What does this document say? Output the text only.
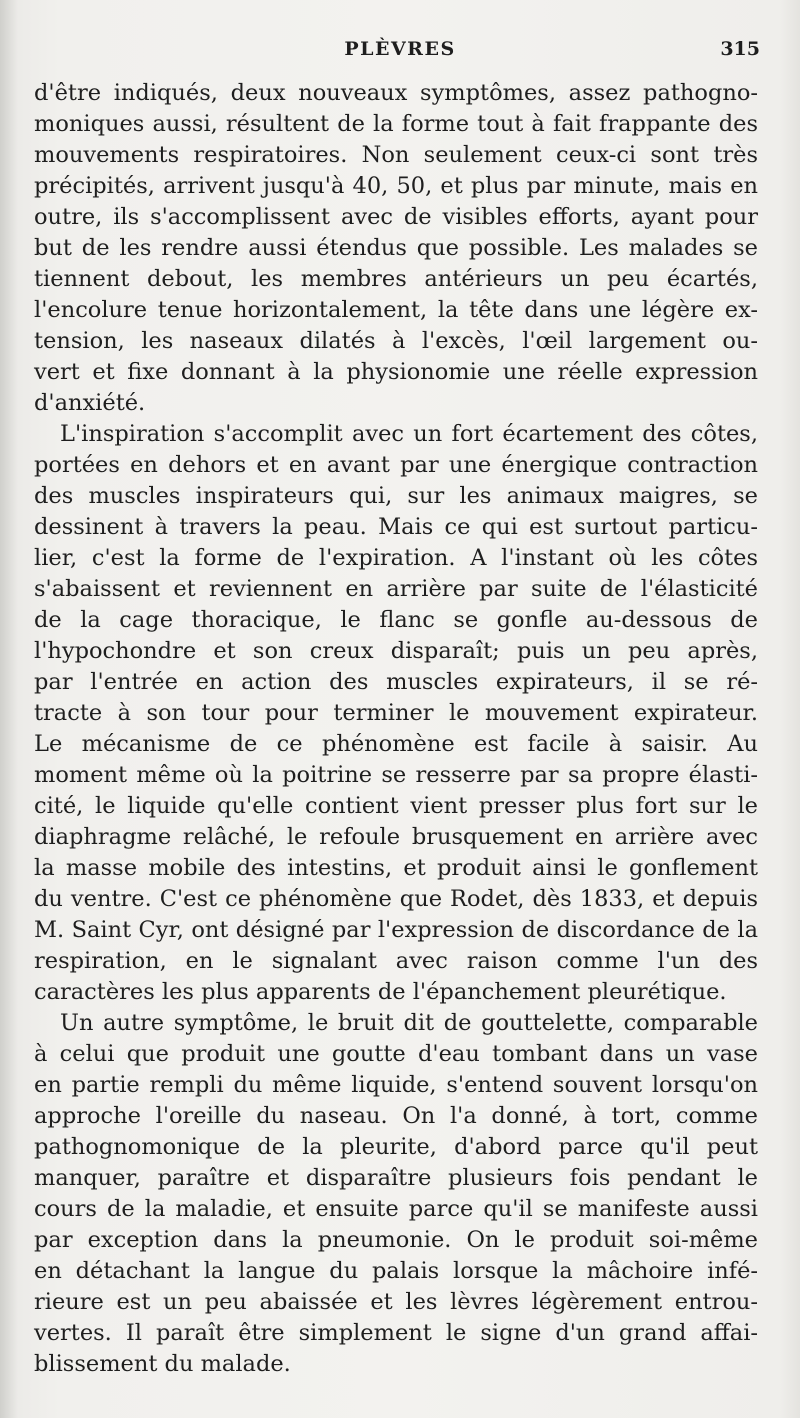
PLÈVRES	315
d'être indiqués, deux nouveaux symptômes, assez pathogno-
moniques aussi, résultent de la forme tout à fait frappante des
mouvements respiratoires. Non seulement ceux-ci sont très
précipités, arrivent jusqu'à 40, 50, et plus par minute, mais en
outre, ils s'accomplissent avec de visibles efforts, ayant pour
but de les rendre aussi étendus que possible. Les malades se
tiennent debout, les membres antérieurs un peu écartés,
l'encolure tenue horizontalement, la tête dans une légère ex-
tension, les naseaux dilatés à l'excès, l'œil largement ou-
vert et fixe donnant à la physionomie une réelle expression
d'anxiété.
L'inspiration s'accomplit avec un fort écartement des côtes,
portées en dehors et en avant par une énergique contraction
des muscles inspirateurs qui, sur les animaux maigres, se
dessinent à travers la peau. Mais ce qui est surtout particu-
lier, c'est la forme de l'expiration. A l'instant où les côtes
s'abaissent et reviennent en arrière par suite de l'élasticité
de la cage thoracique, le flanc se gonfle au-dessous de
l'hypochondre et son creux disparaît; puis un peu après,
par l'entrée en action des muscles expirateurs, il se ré-
tracte à son tour pour terminer le mouvement expirateur.
Le mécanisme de ce phénomène est facile à saisir. Au
moment même où la poitrine se resserre par sa propre élasti-
cité, le liquide qu'elle contient vient presser plus fort sur le
diaphragme relâché, le refoule brusquement en arrière avec
la masse mobile des intestins, et produit ainsi le gonflement
du ventre. C'est ce phénomène que Rodet, dès 1833, et depuis
M. Saint Cyr, ont désigné par l'expression de discordance de la
respiration, en le signalant avec raison comme l'un des
caractères les plus apparents de l'épanchement pleurétique.
Un autre symptôme, le bruit dit de gouttelette, comparable
à celui que produit une goutte d'eau tombant dans un vase
en partie rempli du même liquide, s'entend souvent lorsqu'on
approche l'oreille du naseau. On l'a donné, à tort, comme
pathognomonique de la pleurite, d'abord parce qu'il peut
manquer, paraître et disparaître plusieurs fois pendant le
cours de la maladie, et ensuite parce qu'il se manifeste aussi
par exception dans la pneumonie. On le produit soi-même
en détachant la langue du palais lorsque la mâchoire infé-
rieure est un peu abaissée et les lèvres légèrement entrou-
vertes. Il paraît être simplement le signe d'un grand affai-
blissement du malade.
